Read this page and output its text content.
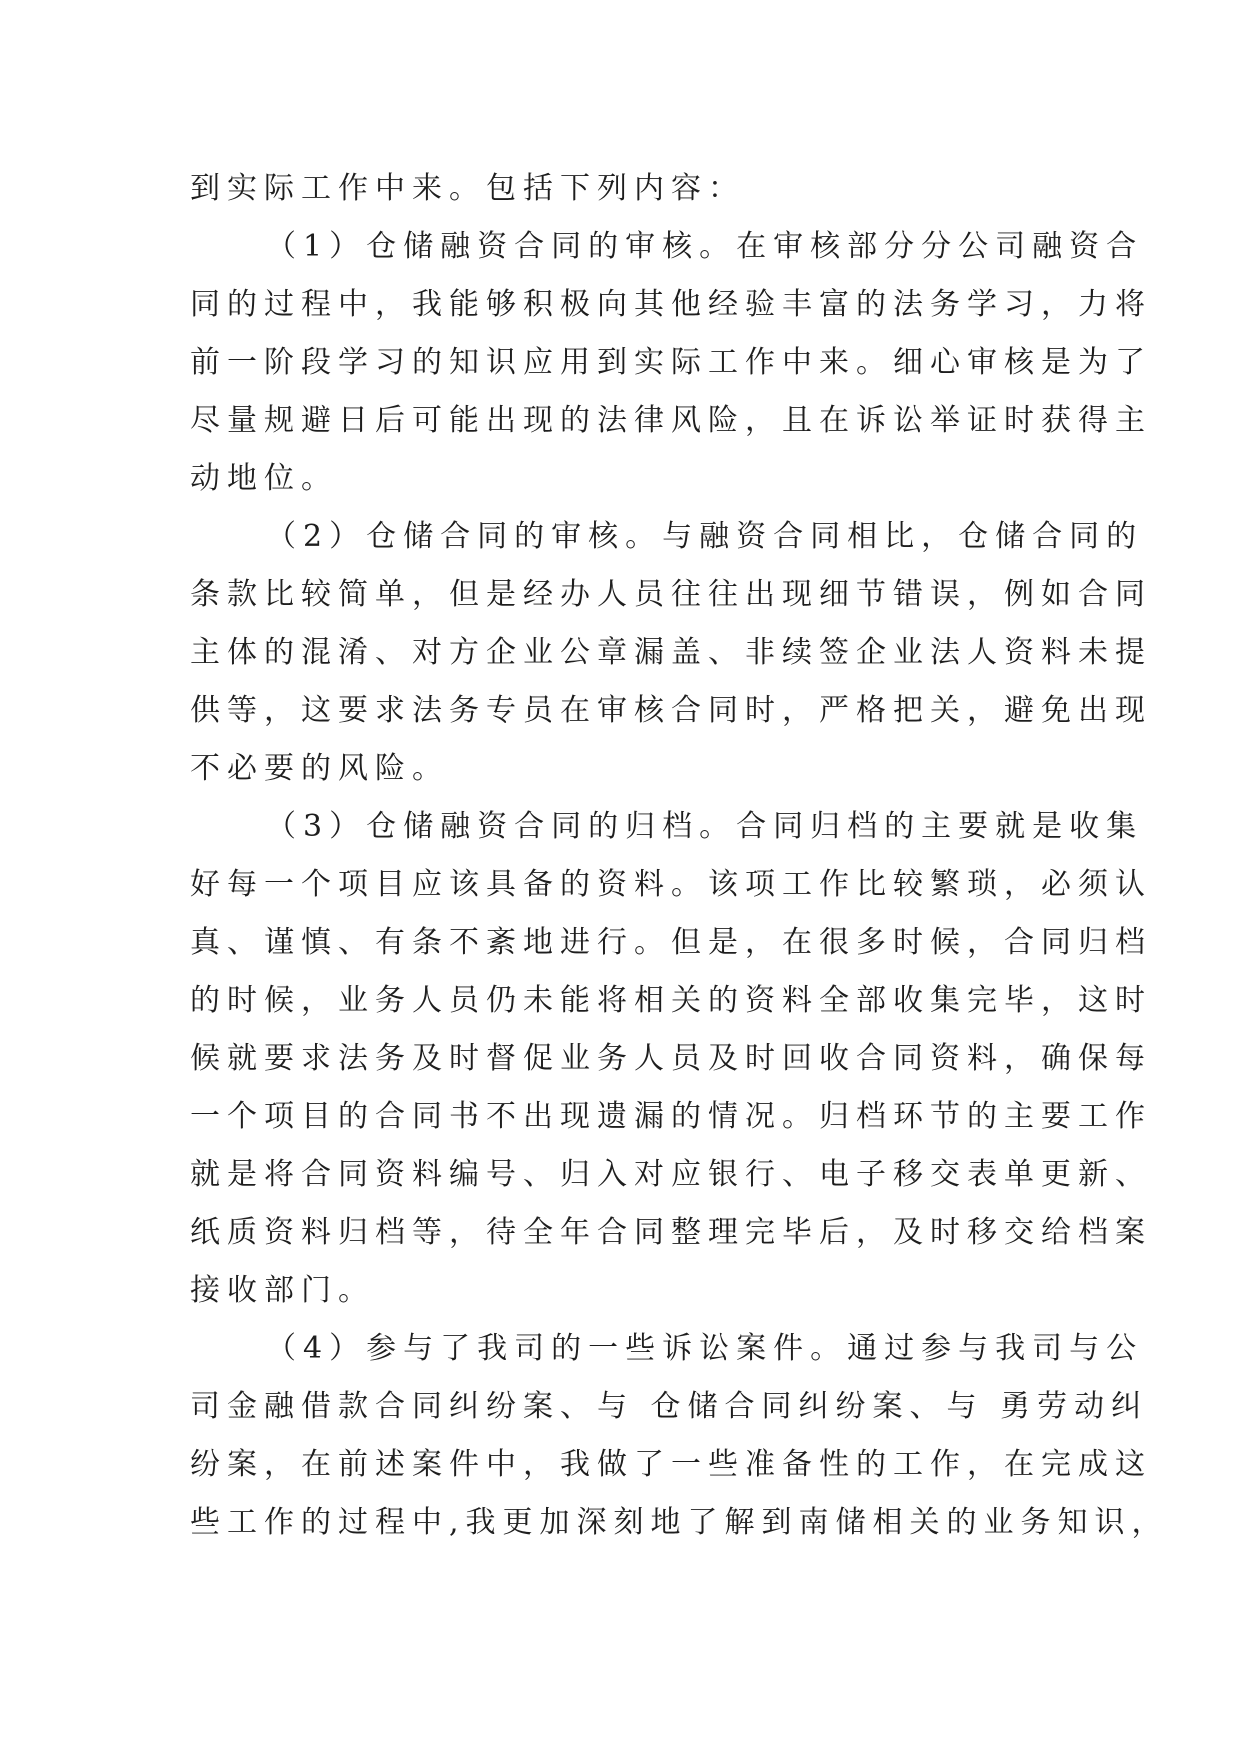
到实际工作中来。包括下列内容：
（1）仓储融资合同的审核。在审核部分分公司融资合
同的过程中，我能够积极向其他经验丰富的法务学习，力将
前一阶段学习的知识应用到实际工作中来。细心审核是为了
尽量规避日后可能出现的法律风险，且在诉讼举证时获得主
动地位。
（2）仓储合同的审核。与融资合同相比，仓储合同的
条款比较简单，但是经办人员往往出现细节错误，例如合同
主体的混淆、对方企业公章漏盖、非续签企业法人资料未提
供等，这要求法务专员在审核合同时，严格把关，避免出现
不必要的风险。
（3）仓储融资合同的归档。合同归档的主要就是收集
好每一个项目应该具备的资料。该项工作比较繁琐，必须认
真、谨慎、有条不紊地进行。但是，在很多时候，合同归档
的时候，业务人员仍未能将相关的资料全部收集完毕，这时
候就要求法务及时督促业务人员及时回收合同资料，确保每
一个项目的合同书不出现遗漏的情况。归档环节的主要工作
就是将合同资料编号、归入对应银行、电子移交表单更新、
纸质资料归档等，待全年合同整理完毕后，及时移交给档案
接收部门。
（4）参与了我司的一些诉讼案件。通过参与我司与公
司金融借款合同纠纷案、与 仓储合同纠纷案、与 勇劳动纠
纷案，在前述案件中，我做了一些准备性的工作，在完成这
些工作的过程中,我更加深刻地了解到南储相关的业务知识，
